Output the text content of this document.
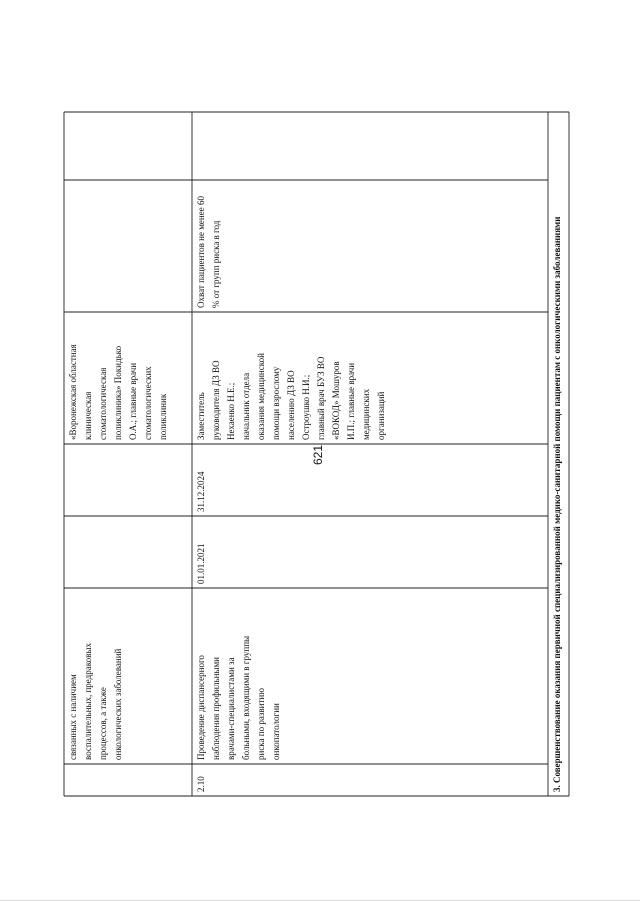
621
связанных с наличием воспалительных, предраковых процессов, а также онкологических заболеваний
«Воронежская областная клиническая стоматологическая поликлиника» Покидько О.А.; главные врачи стоматологических поликлиник
2.10
Проведение диспансерного наблюдения профильными врачами-специалистами за больными, входящими в группы риска по развитию онкопатологии
01.01.2021
31.12.2024
Заместитель руководителя ДЗ ВО Нехаенко Н.Е.; начальник отдела оказания медицинской помощи взрослому населению ДЗ ВО Остроушко Н.И.; главный врач БУЗ ВО «ВОКОД» Мошуров И.П.; главные врачи медицинских организаций
Охват пациентов не менее 60 % от групп риска в год	3. Совершенствование оказания первичной специализированной медико-санитарной помощи пациентам с онкологическими заболеваниями
